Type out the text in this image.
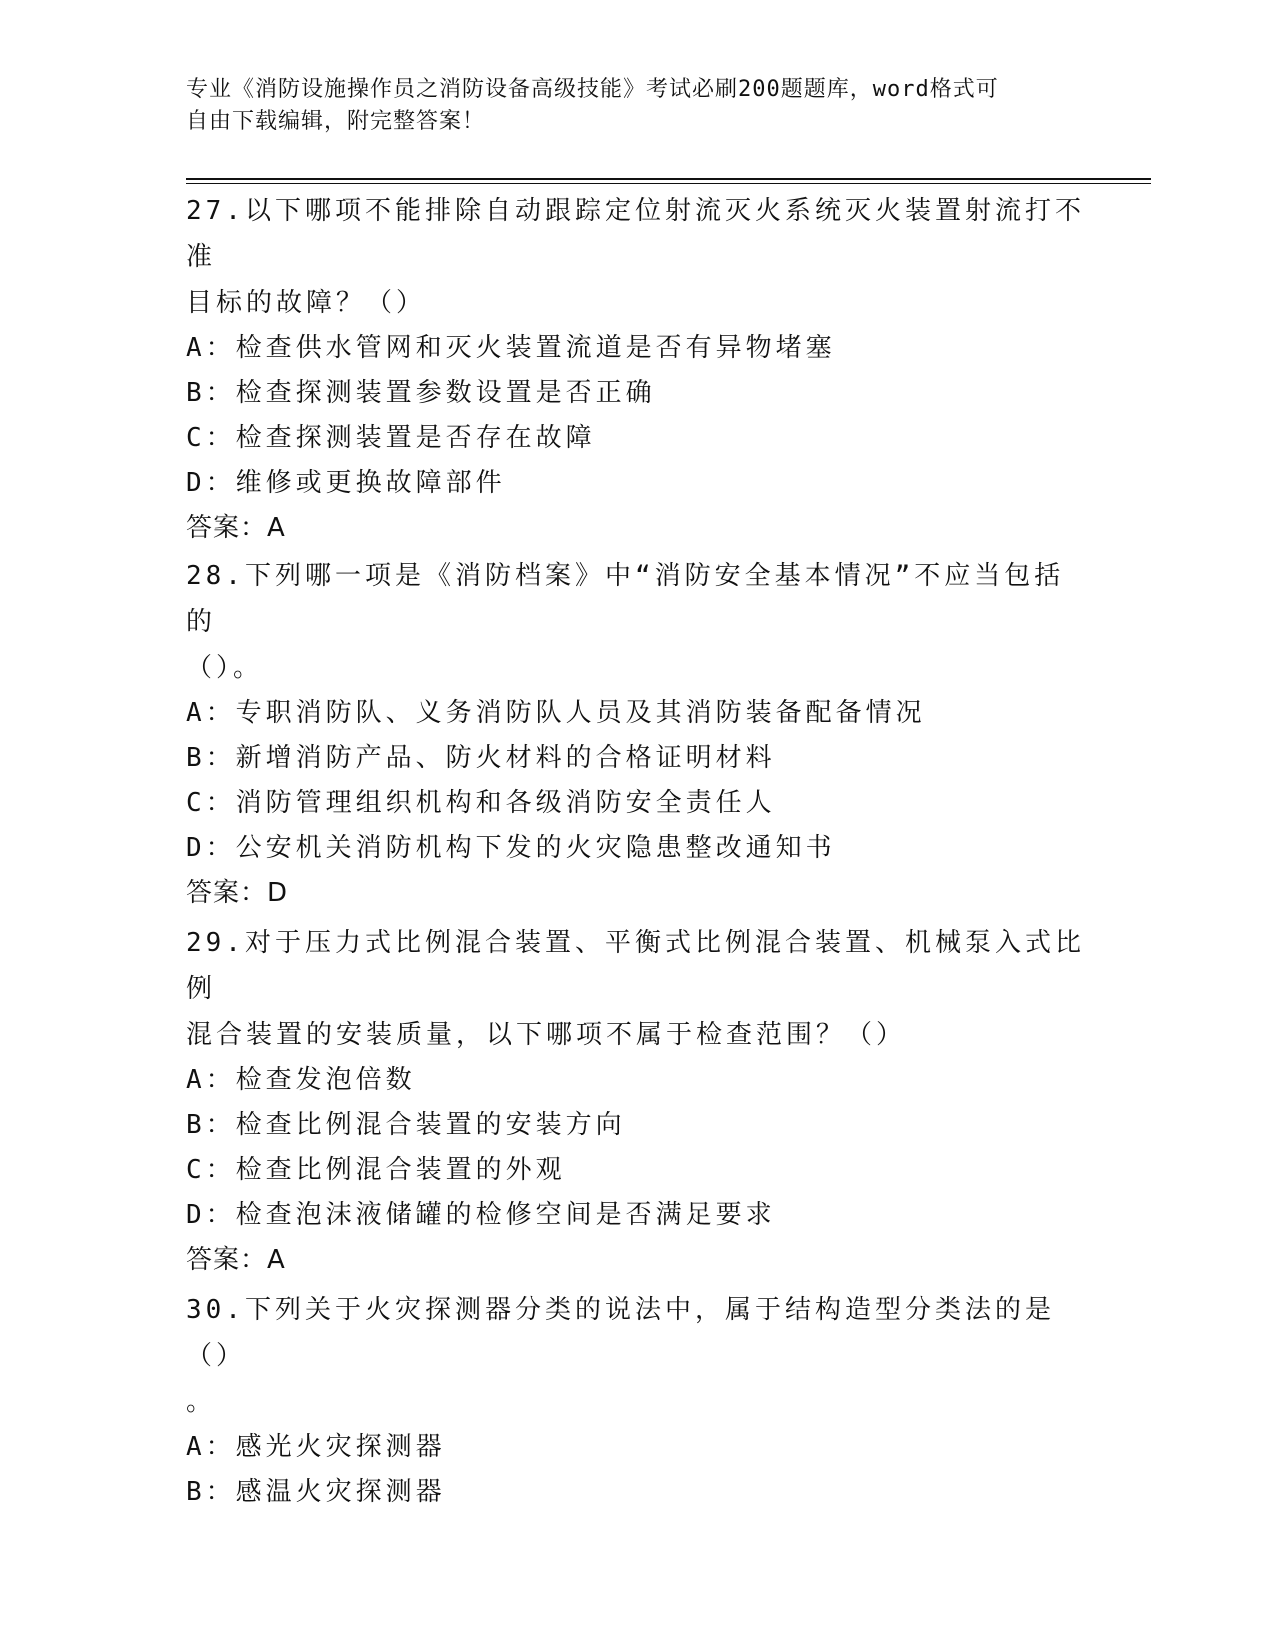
专业《消防设施操作员之消防设备高级技能》考试必刷200题题库，word格式可
自由下载编辑，附完整答案！
27.以下哪项不能排除自动跟踪定位射流灭火系统灭火装置射流打不准
目标的故障？（）
A：检查供水管网和灭火装置流道是否有异物堵塞
B：检查探测装置参数设置是否正确
C：检查探测装置是否存在故障
D：维修或更换故障部件
答案：A
28.下列哪一项是《消防档案》中“消防安全基本情况”不应当包括的
（）。
A：专职消防队、义务消防队人员及其消防装备配备情况
B：新增消防产品、防火材料的合格证明材料
C：消防管理组织机构和各级消防安全责任人
D：公安机关消防机构下发的火灾隐患整改通知书
答案：D
29.对于压力式比例混合装置、平衡式比例混合装置、机械泵入式比例
混合装置的安装质量，以下哪项不属于检查范围？（）
A：检查发泡倍数
B：检查比例混合装置的安装方向
C：检查比例混合装置的外观
D：检查泡沫液储罐的检修空间是否满足要求
答案：A
30.下列关于火灾探测器分类的说法中，属于结构造型分类法的是（）
。
A：感光火灾探测器
B：感温火灾探测器
